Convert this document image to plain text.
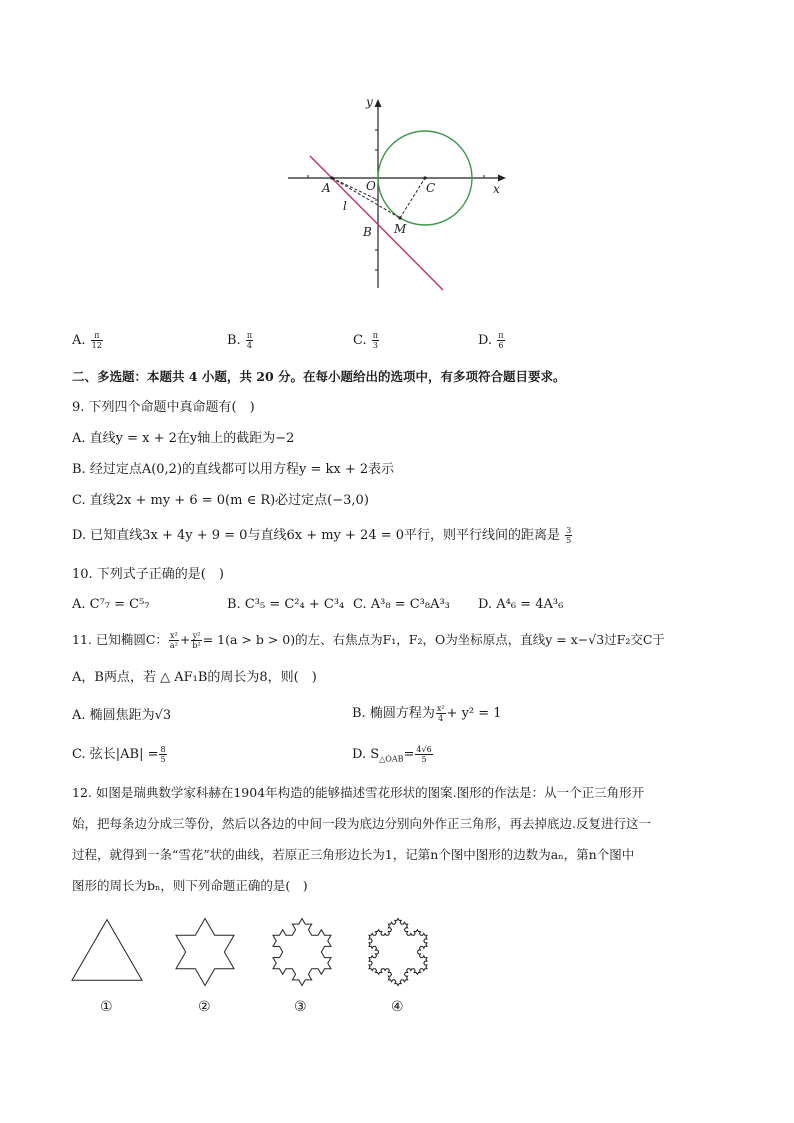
y
x
A	O	C
B M
l
A. $\frac{\pi}{12}$	B. $\frac{\pi}{4}$	C. $\frac{\pi}{3}$	D. $\frac{\pi}{6}$
二、多选题：本题共 4 小题，共 20 分。在每小题给出的选项中，有多项符合题目要求。
9. 下列四个命题中真命题有(　)
A. 直线y = x + 2在y轴上的截距为−2
B. 经过定点A(0,2)的直线都可以用方程y = kx + 2表示
C. 直线2x + my + 6 = 0(m ∈ R)必过定点(−3,0)
D. 已知直线3x + 4y + 9 = 0与直线6x + my + 24 = 0平行，则平行线间的距离是 $\frac{3}{5}$
10. 下列式子正确的是(　)
A. C⁷₇ = C⁵₇	B. C³₅ = C²₄ + C³₄ C. A³₈ = C³₈A³₃ D. A⁴₆ = 4A³₆
11. 已知椭圆C： $\frac{\text{x²}}{\text{a²}} + \frac{\text{y²}}{\text{b²}} = 1(a > b > 0)$的左、右焦点为F₁，F₂，O为坐标原点，直线y = x−√3过F₂交C于
A，B两点，若 △ AF₁B的周长为8，则(　)
A. 椭圆焦距为√3	B. 椭圆方程为 $\frac{\text{x²}}{4} + y^2 = 1$
C. 弦长$|AB| = \frac{8}{5}$	D. $S_{\triangle OAB}= \frac{4√6}{5}$
12. 如图是瑞典数学家科赫在1904年构造的能够描述雪花形状的图案.图形的作法是：从一个正三角形开
始，把每条边分成三等份，然后以各边的中间一段为底边分别向外作正三角形，再去掉底边.反复进行这一
过程，就得到一条“雪花”状的曲线，若原正三角形边长为1，记第n个图中图形的边数为aₙ，第n个图中
图形的周长为bₙ，则下列命题正确的是(　)
①	②	③	④
